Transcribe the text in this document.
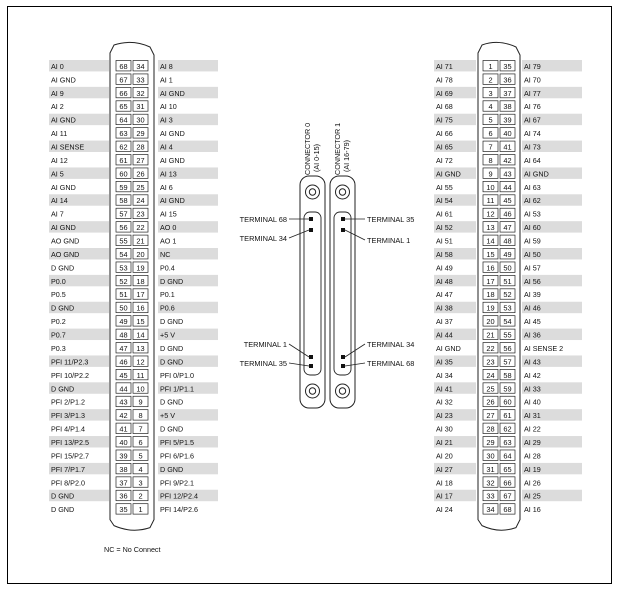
AI 0	68 34 AI 8
AI GND	67 33 AI 1
AI 9	66 32 AI GND
AI 2	65 31 AI 10
AI GND	64 30 AI 3
AI 11	63 29 AI GND
AI SENSE	62 28 AI 4
AI 12	61 27 AI GND
AI 5	60 26 AI 13
AI GND	59 25 AI 6
AI 14	58 24 AI GND
AI 7	57 23 AI 15
AI GND	56 22 AO 0
AO GND	55 21 AO 1
AO GND	54 20 NC
D GND	53 19 P0.4
P0.0	52 18 D GND
P0.5	51 17 P0.1
D GND	50 16 P0.6
P0.2	49 15 D GND
P0.7	48 14 +5 V
P0.3	47 13 D GND
PFI 11/P2.3	46 12 D GND
PFI 10/P2.2	45 11 PFI 0/P1.0
D GND	44 10 PFI 1/P1.1
PFI 2/P1.2	43 9 D GND
PFI 3/P1.3	42 8 +5 V
PFI 4/P1.4	41 7 D GND
PFI 13/P2.5	40 6 PFI 5/P1.5
PFI 15/P2.7	39 5 PFI 6/P1.6
PFI 7/P1.7	38 4 D GND
PFI 8/P2.0	37 3 PFI 9/P2.1
D GND	36 2 PFI 12/P2.4
D GND	35 1 PFI 14/P2.6
AI 71	1 35 AI 79
AI 78	2 36 AI 70
AI 69	3 37 AI 77
AI 68	4 38 AI 76
AI 75	5 39 AI 67
AI 66	6 40 AI 74
AI 65	7 41 AI 73
AI 72	8 42 AI 64
AI GND	9 43 AI GND
AI 55	10 44 AI 63
AI 54	11 45 AI 62
AI 61	12 46 AI 53
AI 52	13 47 AI 60
AI 51	14 48 AI 59
AI 58	15 49 AI 50
AI 49	16 50 AI 57
AI 48	17 51 AI 56
AI 47	18 52 AI 39
AI 38	19 53 AI 46
AI 37	20 54 AI 45
AI 44	21 55 AI 36
AI GND	22 56 AI SENSE 2
AI 35	23 57 AI 43
AI 34	24 58 AI 42
AI 41	25 59 AI 33
AI 32	26 60 AI 40
AI 23	27 61 AI 31
AI 30	28 62 AI 22
AI 21	29 63 AI 29
AI 20	30 64 AI 28
AI 27	31 65 AI 19
AI 18	32 66 AI 26
AI 17	33 67 AI 25
AI 24	34 68 AI 16
CONNECTOR 0 (AI 0-15) CONNECTOR 1 (AI 16-79)
TERMINAL 68
TERMINAL 34
TERMINAL 1
TERMINAL 35
TERMINAL 35
TERMINAL 1
TERMINAL 34
TERMINAL 68
NC = No Connect
